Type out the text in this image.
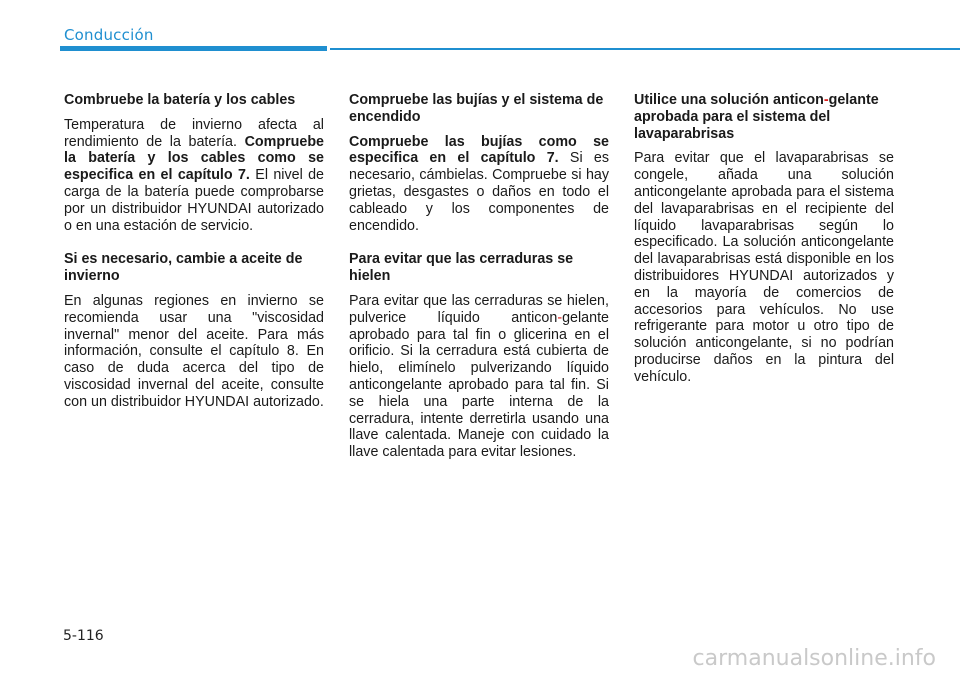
Conducción
Combruebe la batería y los cables

Temperatura de invierno afecta al rendimiento de la batería. Compruebe la batería y los cables como se especifica en el capítulo 7. El nivel de carga de la batería puede comprobarse por un distribuidor HYUNDAI autorizado o en una estación de servicio.

Si es necesario, cambie a aceite de invierno

En algunas regiones en invierno se recomienda usar una "viscosidad invernal" menor del aceite. Para más información, consulte el capítulo 8. En caso de duda acerca del tipo de viscosidad invernal del aceite, consulte con un distribuidor HYUNDAI autorizado.

Compruebe las bujías y el sistema de encendido

Compruebe las bujías como se especifica en el capítulo 7. Si es necesario, cámbielas. Compruebe si hay grietas, desgastes o daños en todo el cableado y los componentes de encendido.

Para evitar que las cerraduras se hielen

Para evitar que las cerraduras se hielen, pulverice líquido anticon-gelante aprobado para tal fin o glicerina en el orificio. Si la cerradura está cubierta de hielo, elimínelo pulverizando líquido anticongelante aprobado para tal fin. Si se hiela una parte interna de la cerradura, intente derretirla usando una llave calentada. Maneje con cuidado la llave calentada para evitar lesiones.

Utilice una solución anticon-gelante aprobada para el sistema del lavaparabrisas

Para evitar que el lavaparabrisas se congele, añada una solución anticongelante aprobada para el sistema del lavaparabrisas en el recipiente del líquido lavaparabrisas según lo especificado. La solución anticongelante del lavaparabrisas está disponible en los distribuidores HYUNDAI autorizados y en la mayoría de comercios de accesorios para vehículos. No use refrigerante para motor u otro tipo de solución anticongelante, si no podrían producirse daños en la pintura del vehículo.

5-116
carmanualsonline.info
